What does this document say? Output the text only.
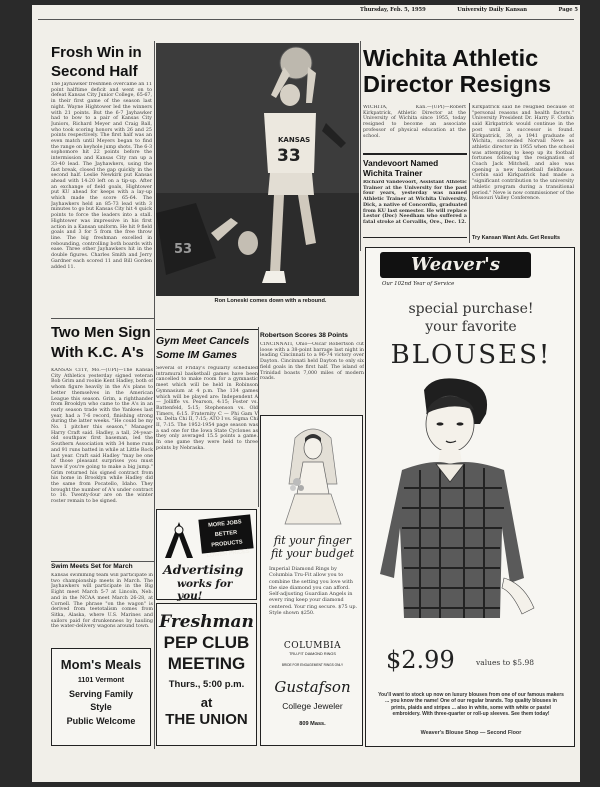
Thursday, Feb. 5, 1959	University Daily Kansan	Page 5
Frosh Win in Second Half
The Jayhawker freshmen overcame an 11 point halftime deficit and went on to defeat Kansas City Junior College, 65-67, in their first game of the season last night. Wayne Hightower led the winners with 21 points. But the 6-7 Jayhawker had to bow to a pair of Kansas City Juniors, Richard Meyer and Craig Ball, who took scoring honors with 26 and 25 points respectively. The first half was an even match until Meyers began to find the range on keyhole jump shots. The 6-3 sophomore hit 22 points before the intermission and Kansas City ran up a 33-40 lead. The Jayhawkers, using the fast break, closed the gap quickly in the second half. Leslie Newkirk put Kansas ahead with 14:20 left on a tip-up. After an exchange of field goals, Hightower put KU ahead for keeps with a lay-up which made the score 65-64. The Jayhawkers held an 85-73 lead with 3 minutes to go but Kansas City hit 4 quick points to force the leaders into a stall. Hightower was impressive in his first action in a Kansan uniform. He hit 9 field goals and 3 for 5 from the free throw line. The big freshman excelled in rebounding, controlling both boards with ease. Three other Jayhawkers hit in the double figures. Charles Smith and Jerry Gardner each scored 11 and Bill Gorden added 11.
KANSAS
33
53
Ron Loneski comes down with a rebound.
Wichita Athletic Director Resigns
WICHITA, Kan.—(UPI)—Robert Kirkpatrick, Athletic Director at the University of Wichita since 1955, today resigned to become an associate professor of physical education at the school.
Kirkpatrick said he resigned because of "personal reasons and health factors." University President Dr. Harry F. Corbin said Kirkpatrick would continue in the post until a successor is found. Kirkpatrick, 39, a 1941 graduate of Wichita, succeeded Norvall Neve as athletic director in 1955 when the school was attempting to keep up its football fortunes following the resignation of Coach Jack Mitchell, and also was opening a new basketball fieldhouse. Corbin said Kirkpatrick had made a "significant contribution to the university athletic program during a transitional period." Neve is now commissioner of the Missouri Valley Conference.
Try Kansan Want Ads. Get Results
Vandevoort Named Wichita Trainer
Richard Vandevoort, Assistant Athletic Trainer at the University for the past four years, yesterday was named Athletic Trainer at Wichita University. Dick, a native of Concordia, graduated from KU last semester. He will replace Lestor (Doc) Needham who suffered a fatal stroke at Corvallis, Ore., Dec. 12.
Two Men Sign With K.C. A's
KANSAS CITY, Mo.—(UPI)—The Kansas City Athletics yesterday signed veteran Bob Grim and rookie Kent Hadley, both of whom figure heavily in the A's plans to better themselves in the American League this season. Grim, a righthander from Brooklyn who came to the A's in an early season trade with the Yankees last year, had a 7-6 record, finishing strong during the latter weeks. "He could be my No. 1 pitcher this season," Manager Harry Craft said. Hadley, a tall, 24-year-old southpaw first baseman, led the Southern Association with 34 home runs and 91 runs batted in while at Little Rock last year. Craft said Hadley "may be one of those pleasant surprises you must have if you're going to make a big jump." Grim returned his signed contract from his home in Brooklyn while Hadley did the same from Pocatello, Idaho. They brought the number of A's under contract to 16. Twenty-four are on the winter roster remain to be signed.
Swim Meets Set for March
Kansas swimming team will participate in two championship meets in March. The Jayhawkers will participate in the Big Eight meet March 5-7 at Lincoln, Neb. and in the NCAA meet March 26-28, at Cornell. The phrase "on the wagon" is derived from teetotalism comes from Sitka, Alaska, where U.S. Marines and sailors paid for drunkenness by hauling the water-delivery wagons around town.
Mom's Meals
1101 Vermont
Serving Family
Style
Public Welcome
Gym Meet Cancels Some IM Games
Several of Friday's regularly scheduled intramural basketball games have been cancelled to make room for a gymnastic meet which will be held in Robinson Gymnasium at 4 p.m. The 134 games which will be played are: Independent A — Jolliffe vs. Pearson, 4:15; Foster vs. Battenfeld, 5:15; Stephenson vs. Old Timers, 6:15. Fraternity C — Phi Gam V vs. Delta Chi II, 7:15; ATO I vs. Sigma Chi II, 7:15. The 1952-1954 page season was a sad one for the Iowa State Cyclones as they only averaged 15.5 points a game. In one game they were held to three points by Nebraska.
Robertson Scores 38 Points
CINCINNATI, Ohio—Oscar Robertson cut loose with a 38-point barrage last night in leading Cincinnati to a 96-74 victory over Dayton. Cincinnati held Dayton to only six field goals in the first half. The island of Trinidad boasts 7,000 miles of modern roads.
MORE JOBS
BETTER PRODUCTS
LOWER PRICES
Advertising
works for you!
Freshman
PEP CLUB
MEETING
Thurs., 5:00 p.m.
at
THE UNION
fit your finger
fit your budget
Imperial Diamond Rings by Columbia Tru-Fit allow you to combine the setting you love with the size diamond you can afford. Self-adjusting Guardian Angels in every ring keep your diamond centered. Your ring secure. $75 up. Style shown $250.
COLUMBIA
TRU-FIT DIAMOND RINGS
BRIDE FOR ENGAGEMENT RINGS ONLY
Gustafson
College Jeweler
809 Mass.
Weaver's
Our 102nd Year of Service
special purchase!
your favorite
BLOUSES!
$2.99	values to $5.98
You'll want to stock up now on luxury blouses from one of our famous makers ... you know the name! One of our regular brands. Top quality blouses in prints, plaids and stripes ... also in white, some with white or pastel embroidery. With three-quarter or roll-up sleeves. See them today!
Weaver's Blouse Shop — Second Floor
